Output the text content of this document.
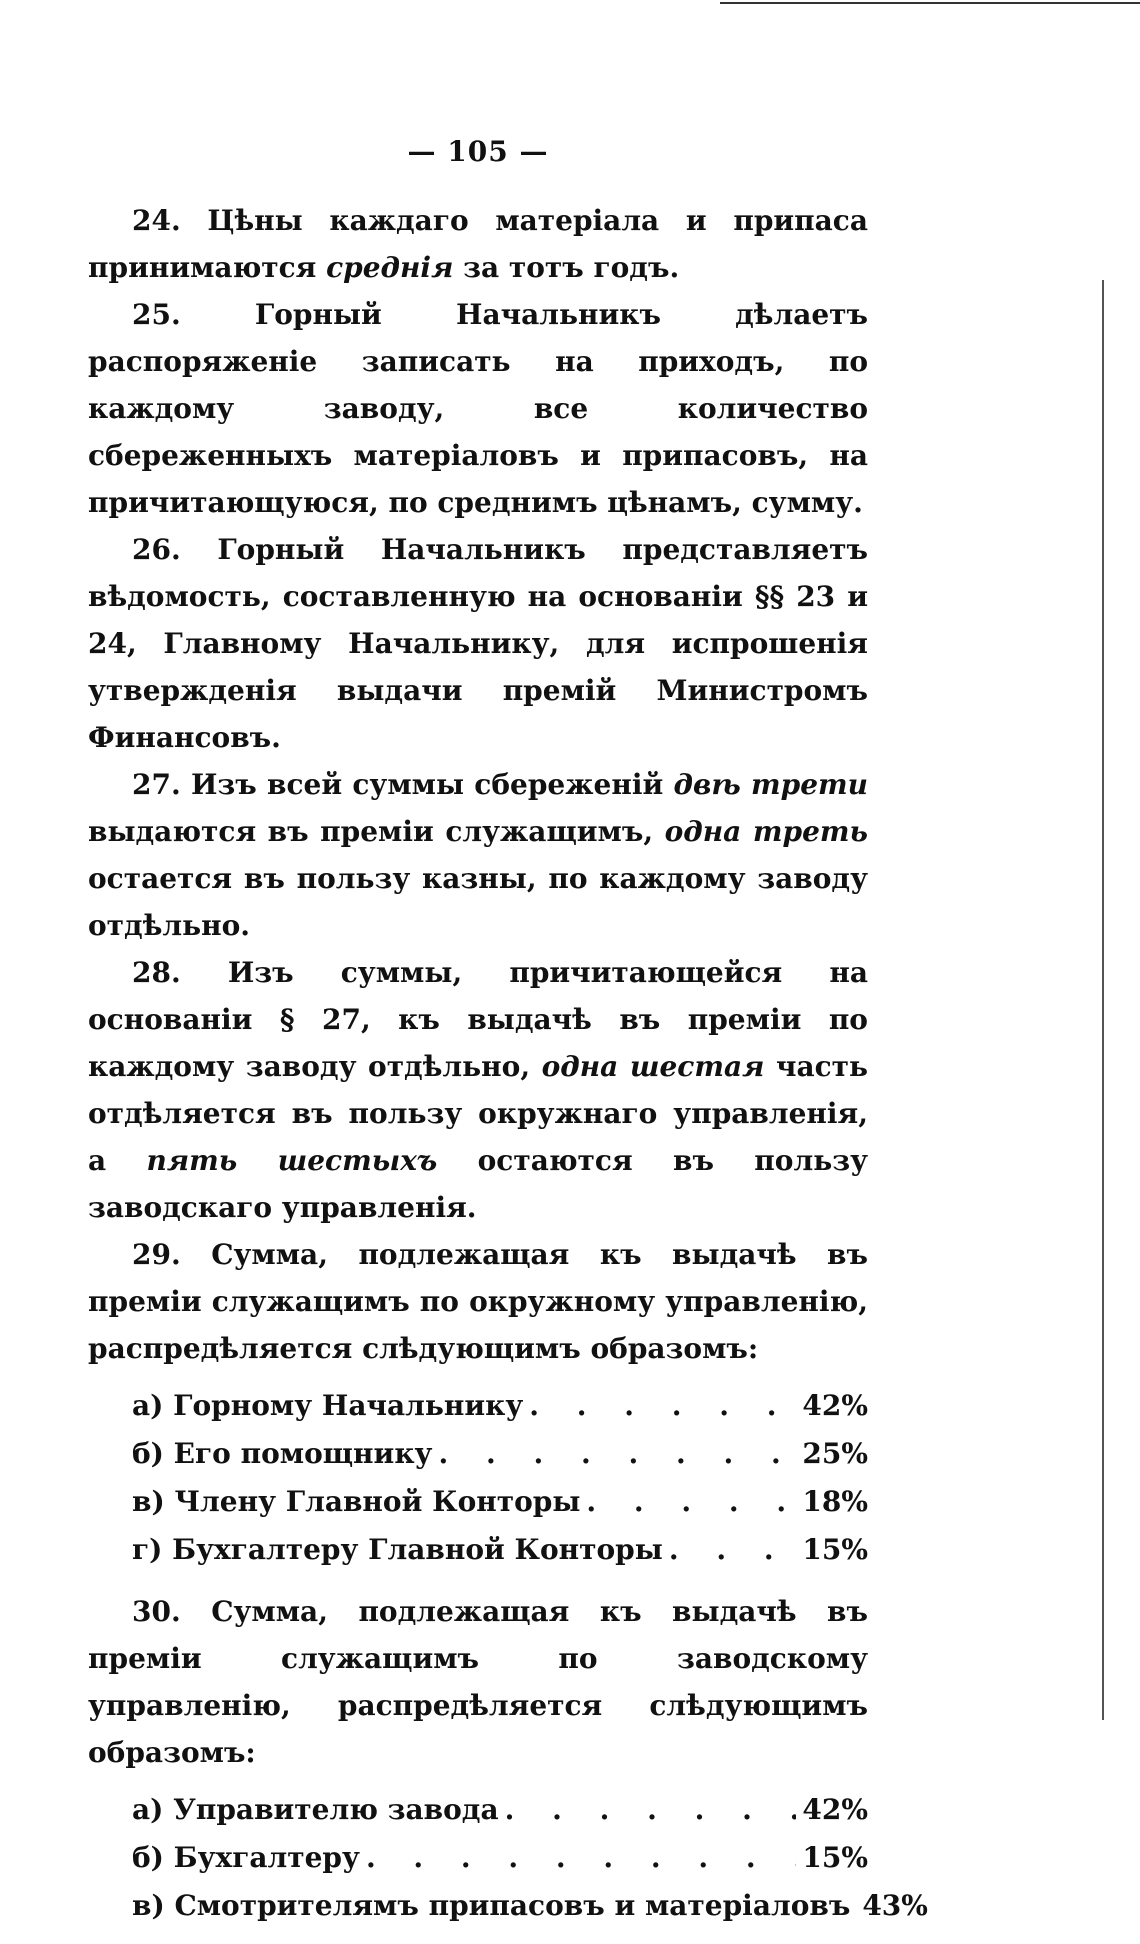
— 105 —

24. Цѣны каждаго матеріала и припаса принимаются среднія за тотъ годъ.

25. Горный Начальникъ дѣлаетъ распоряженіе записать на приходъ, по каждому заводу, все количество сбереженныхъ матеріаловъ и припасовъ, на причитающуюся, по среднимъ цѣнамъ, сумму.

26. Горный Начальникъ представляетъ вѣдомость, составленную на основаніи §§ 23 и 24, Главному Начальнику, для испрошенія утвержденія выдачи премій Министромъ Финансовъ.

27. Изъ всей суммы сбереженій двѣ трети выдаются въ преміи служащимъ, одна треть остается въ пользу казны, по каждому заводу отдѣльно.

28. Изъ суммы, причитающейся на основаніи § 27, къ выдачѣ въ преміи по каждому заводу отдѣльно, одна шестая часть отдѣляется въ пользу окружнаго управленія, а пять шестыхъ остаются въ пользу заводскаго управленія.

29. Сумма, подлежащая къ выдачѣ въ преміи служащимъ по окружному управленію, распредѣляется слѣдующимъ образомъ:

а) Горному Начальнику . . .	42%
б) Его помощнику . . .	25%
в) Члену Главной Конторы . . .	18%
г) Бухгалтеру Главной Конторы . . .	15%

30. Сумма, подлежащая къ выдачѣ въ преміи служащимъ по заводскому управленію, распредѣляется слѣдующимъ образомъ:

а) Управителю завода . . .	42%
б) Бухгалтеру . . .	15%
в) Смотрителямъ припасовъ и матеріаловъ 43%
